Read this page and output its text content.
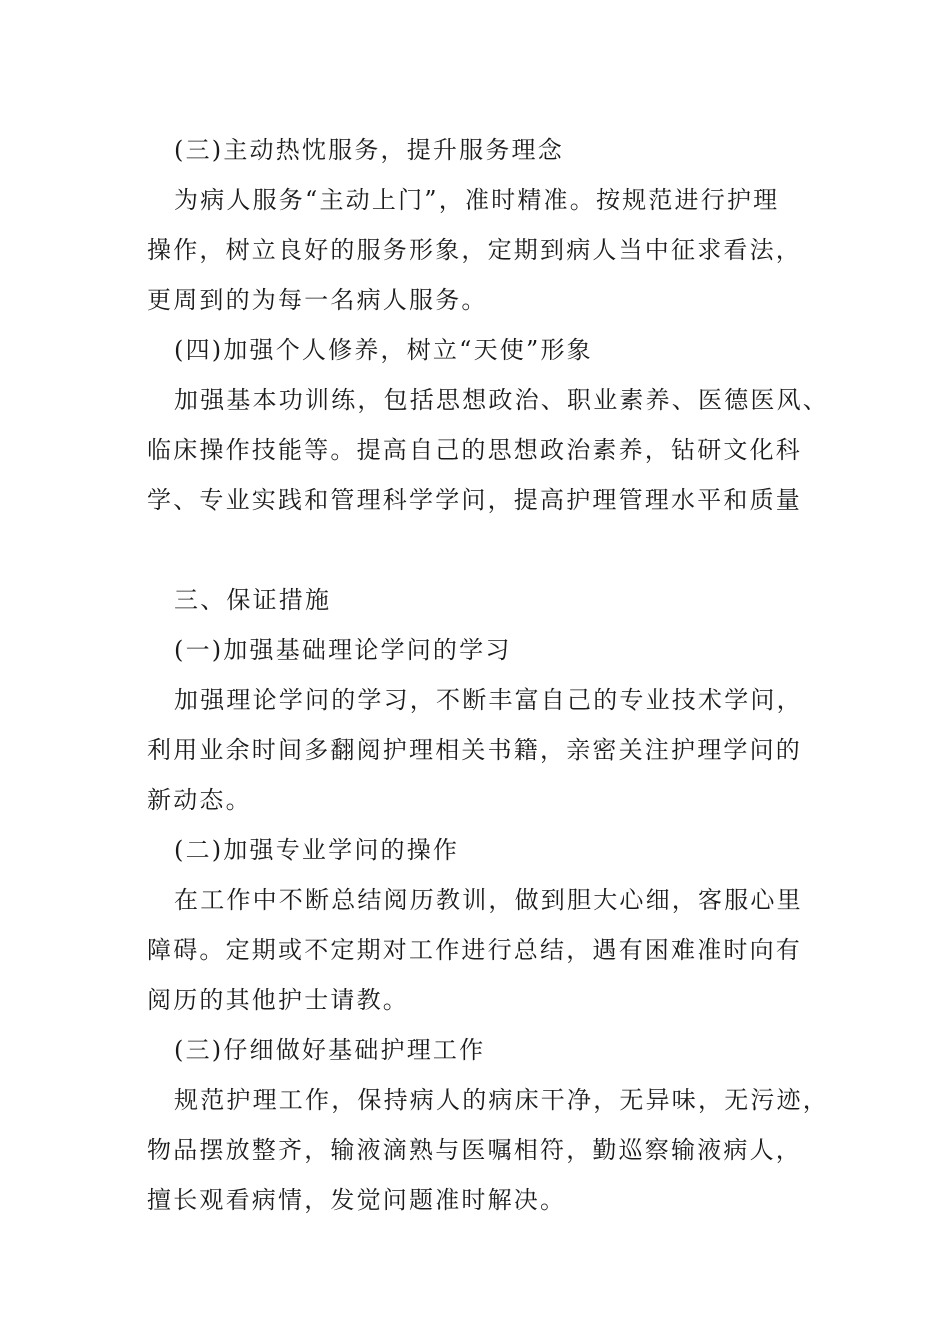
(三)主动热忱服务，提升服务理念
为病人服务“主动上门”，准时精准。按规范进行护理
操作，树立良好的服务形象，定期到病人当中征求看法，
更周到的为每一名病人服务。
(四)加强个人修养，树立“天使”形象
加强基本功训练，包括思想政治、职业素养、医德医风、
临床操作技能等。提高自己的思想政治素养，钻研文化科
学、专业实践和管理科学学问，提高护理管理水平和质量
三、保证措施
(一)加强基础理论学问的学习
加强理论学问的学习，不断丰富自己的专业技术学问，
利用业余时间多翻阅护理相关书籍，亲密关注护理学问的
新动态。
(二)加强专业学问的操作
在工作中不断总结阅历教训，做到胆大心细，客服心里
障碍。定期或不定期对工作进行总结，遇有困难准时向有
阅历的其他护士请教。
(三)仔细做好基础护理工作
规范护理工作，保持病人的病床干净，无异味，无污迹，
物品摆放整齐，输液滴熟与医嘱相符，勤巡察输液病人，
擅长观看病情，发觉问题准时解决。
